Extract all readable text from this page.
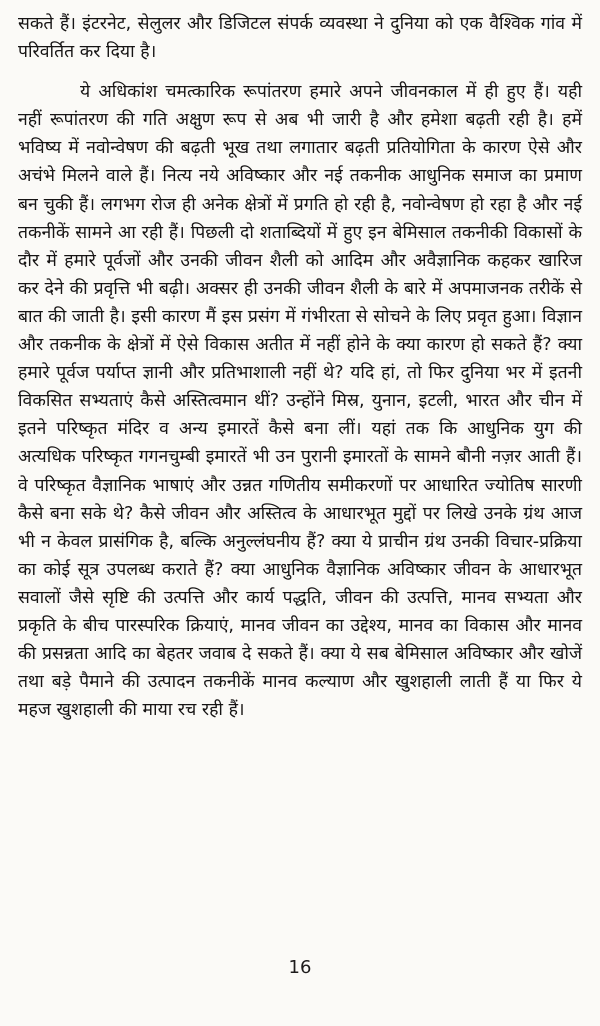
सकते हैं। इंटरनेट, सेलुलर और डिजिटल संपर्क व्यवस्था ने दुनिया को एक वैश्विक गांव में परिवर्तित कर दिया है।

ये अधिकांश चमत्कारिक रूपांतरण हमारे अपने जीवनकाल में ही हुए हैं। यही नहीं रूपांतरण की गति अक्षुण रूप से अब भी जारी है और हमेशा बढ़ती रही है। हमें भविष्य में नवोन्वेषण की बढ़ती भूख तथा लगातार बढ़ती प्रतियोगिता के कारण ऐसे और अचंभे मिलने वाले हैं। नित्य नये अविष्कार और नई तकनीक आधुनिक समाज का प्रमाण बन चुकी हैं। लगभग रोज ही अनेक क्षेत्रों में प्रगति हो रही है, नवोन्वेषण हो रहा है और नई तकनीकें सामने आ रही हैं। पिछली दो शताब्दियों में हुए इन बेमिसाल तकनीकी विकासों के दौर में हमारे पूर्वजों और उनकी जीवन शैली को आदिम और अवैज्ञानिक कहकर खारिज कर देने की प्रवृत्ति भी बढ़ी। अक्सर ही उनकी जीवन शैली के बारे में अपमाजनक तरीकें से बात की जाती है। इसी कारण मैं इस प्रसंग में गंभीरता से सोचने के लिए प्रवृत हुआ। विज्ञान और तकनीक के क्षेत्रों में ऐसे विकास अतीत में नहीं होने के क्या कारण हो सकते हैं? क्या हमारे पूर्वज पर्याप्त ज्ञानी और प्रतिभाशाली नहीं थे? यदि हां, तो फिर दुनिया भर में इतनी विकसित सभ्यताएं कैसे अस्तित्वमान थीं? उन्होंने मिस्र, युनान, इटली, भारत और चीन में इतने परिष्कृत मंदिर व अन्य इमारतें कैसे बना लीं। यहां तक कि आधुनिक युग की अत्यधिक परिष्कृत गगनचुम्बी इमारतें भी उन पुरानी इमारतों के सामने बौनी नज़र आती हैं। वे परिष्कृत वैज्ञानिक भाषाएं और उन्नत गणितीय समीकरणों पर आधारित ज्योतिष सारणी कैसे बना सके थे? कैसे जीवन और अस्तित्व के आधारभूत मुद्दों पर लिखे उनके ग्रंथ आज भी न केवल प्रासंगिक है, बल्कि अनुल्लंघनीय हैं? क्या ये प्राचीन ग्रंथ उनकी विचार-प्रक्रिया का कोई सूत्र उपलब्ध कराते हैं? क्या आधुनिक वैज्ञानिक अविष्कार जीवन के आधारभूत सवालों जैसे सृष्टि की उत्पत्ति और कार्य पद्धति, जीवन की उत्पत्ति, मानव सभ्यता और प्रकृति के बीच पारस्परिक क्रियाएं, मानव जीवन का उद्देश्य, मानव का विकास और मानव की प्रसन्नता आदि का बेहतर जवाब दे सकते हैं। क्या ये सब बेमिसाल अविष्कार और खोजें तथा बड़े पैमाने की उत्पादन तकनीकें मानव कल्याण और खुशहाली लाती हैं या फिर ये महज खुशहाली की माया रच रही हैं।

16
